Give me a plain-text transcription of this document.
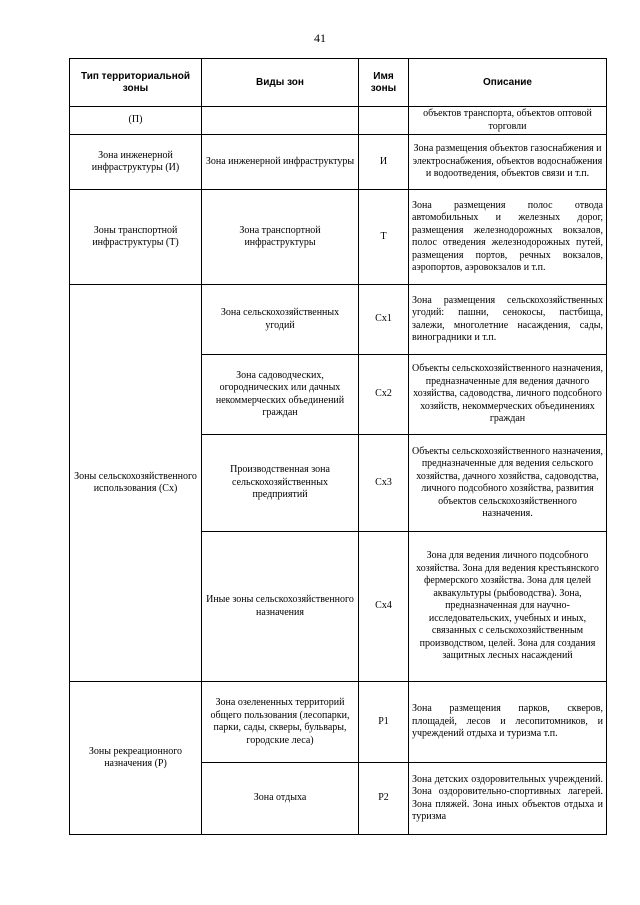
41
Тип территориальной зоны	Виды зон	Имя зоны	Описание
(П)			объектов транспорта, объектов оптовой торговли
Зона инженерной инфраструктуры (И)	Зона инженерной инфраструктуры	И	Зона размещения объектов газоснабжения и электроснабжения, объектов водоснабжения и водоотведения, объектов связи и т.п.
Зоны транспортной инфраструктуры (Т)	Зона транспортной инфраструктуры	Т	Зона размещения полос отвода автомобильных и железных дорог, размещения железнодорожных вокзалов, полос отведения железнодорожных путей, размещения портов, речных вокзалов, аэропортов, аэровокзалов и т.п.
Зоны сельскохозяйственного использования (Сх)	Зона сельскохозяйственных угодий	Сх1	Зона размещения сельскохозяйственных угодий: пашни, сенокосы, пастбища, залежи, многолетние насаждения, сады, виноградники и т.п.
	Зона садоводческих, огороднических или дачных некоммерческих объединений граждан	Сх2	Объекты сельскохозяйственного назначения, предназначенные для ведения дачного хозяйства, садоводства, личного подсобного хозяйств, некоммерческих объединениях граждан
	Производственная зона сельскохозяйственных предприятий	Сх3	Объекты сельскохозяйственного назначения, предназначенные для ведения сельского хозяйства, дачного хозяйства, садоводства, личного подсобного хозяйства, развития объектов сельскохозяйственного назначения.
	Иные зоны сельскохозяйственного назначения	Сх4	Зона для ведения личного подсобного хозяйства. Зона для ведения крестьянского фермерского хозяйства. Зона для целей аквакультуры (рыбоводства). Зона, предназначенная для научно-исследовательских, учебных и иных, связанных с сельскохозяйственным производством, целей. Зона для создания защитных лесных насаждений
Зоны рекреационного назначения (Р)	Зона озелененных территорий общего пользования (лесопарки, парки, сады, скверы, бульвары, городские леса)	Р1	Зона размещения парков, скверов, площадей, лесов и лесопитомников, и учреждений отдыха и туризма т.п.
	Зона отдыха	Р2	Зона детских оздоровительных учреждений. Зона оздоровительно-спортивных лагерей. Зона пляжей. Зона иных объектов отдыха и туризма
